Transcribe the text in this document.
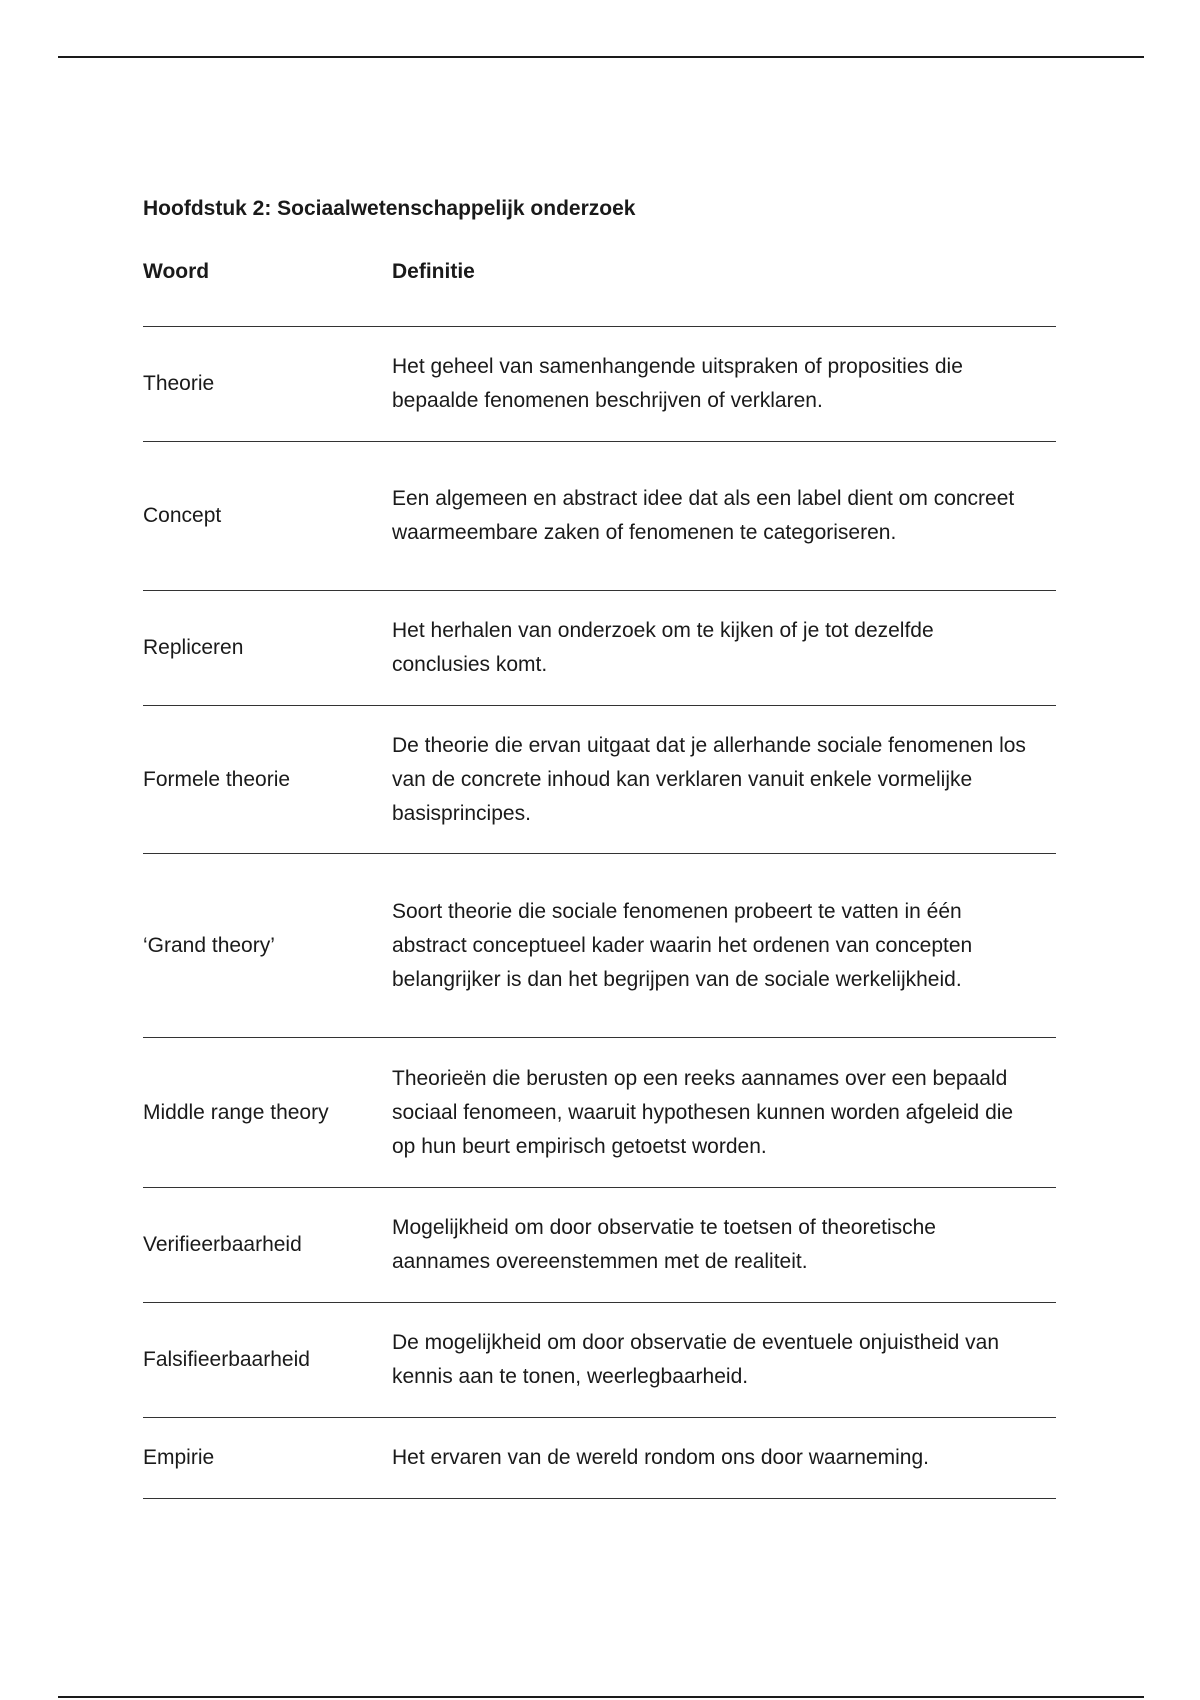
Hoofdstuk 2: Sociaalwetenschappelijk onderzoek
Woord	Definitie
Theorie
Het geheel van samenhangende uitspraken of proposities die bepaalde fenomenen beschrijven of verklaren.
Concept
Een algemeen en abstract idee dat als een label dient om concreet waarmeembare zaken of fenomenen te categoriseren.
Repliceren
Het herhalen van onderzoek om te kijken of je tot dezelfde conclusies komt.
Formele theorie
De theorie die ervan uitgaat dat je allerhande sociale fenomenen los van de concrete inhoud kan verklaren vanuit enkele vormelijke basisprincipes.
‘Grand theory’
Soort theorie die sociale fenomenen probeert te vatten in één abstract conceptueel kader waarin het ordenen van concepten belangrijker is dan het begrijpen van de sociale werkelijkheid.
Middle range theory
Theorieën die berusten op een reeks aannames over een bepaald sociaal fenomeen, waaruit hypothesen kunnen worden afgeleid die op hun beurt empirisch getoetst worden.
Verifieerbaarheid
Mogelijkheid om door observatie te toetsen of theoretische aannames overeenstemmen met de realiteit.
Falsifieerbaarheid
De mogelijkheid om door observatie de eventuele onjuistheid van kennis aan te tonen, weerlegbaarheid.
Empirie	Het ervaren van de wereld rondom ons door waarneming.
